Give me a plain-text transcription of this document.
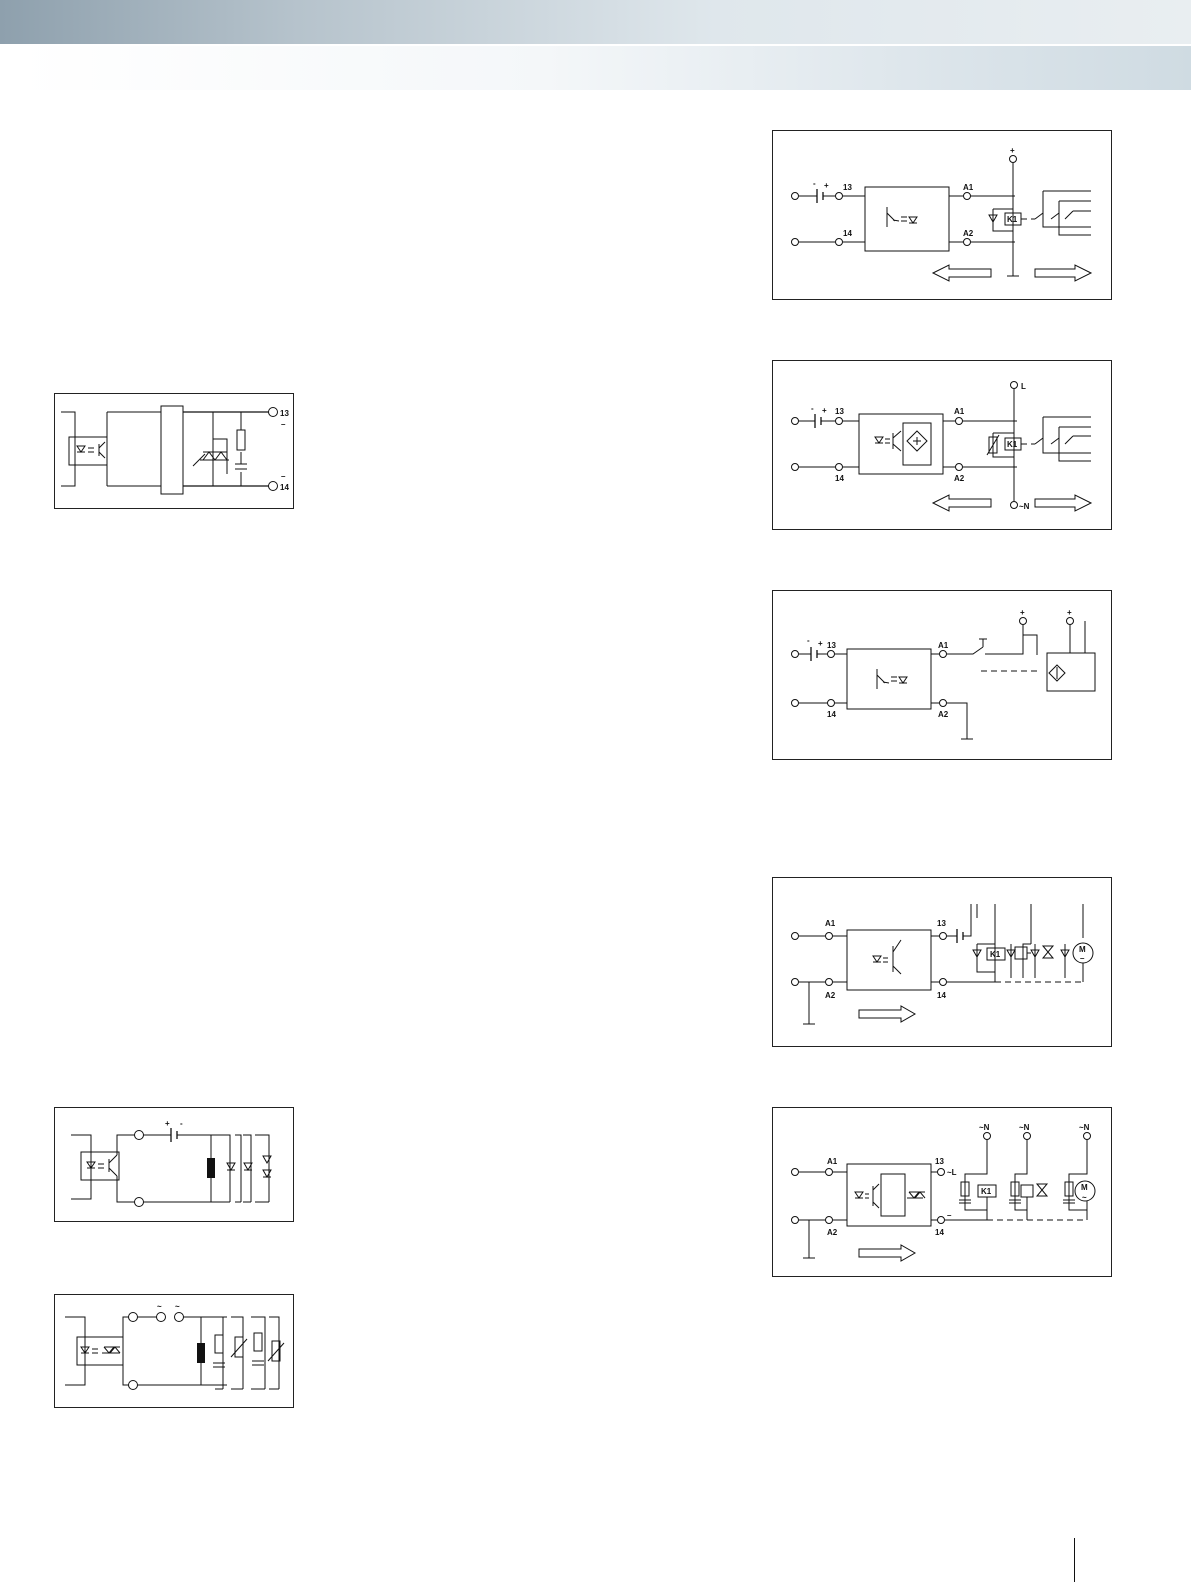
13
–
–
14
+ -
~ ~
- + 13
14
A1
A2
+
K1
- + 13
14
A1
A2
L
~N
K1
- + 13
14
A1
A2
+	+
A1
A2
13
14
K1
M
–
A1
A2
13
~L
14
–
~N	~N	~N
K1	M
~
